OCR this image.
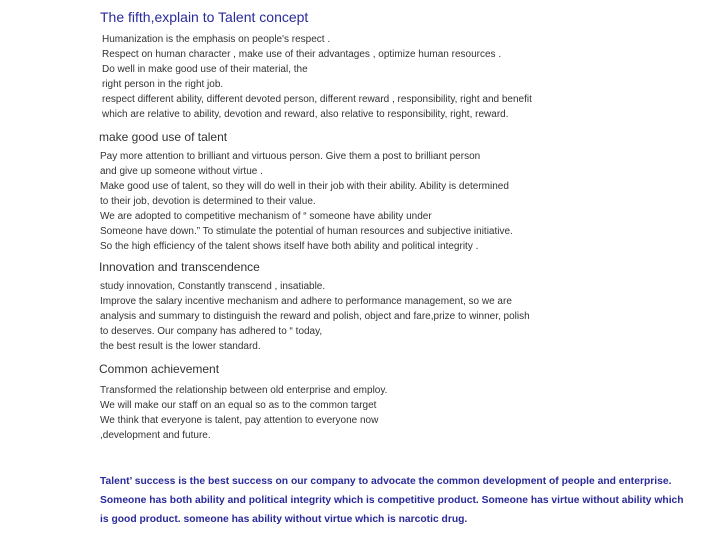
The fifth,explain to Talent concept
Humanization is the emphasis on people's respect .
Respect on human character , make use of their advantages , optimize human resources .
Do well in make good use of their material, the
right person in the right job.
respect different ability, different devoted person, different reward , responsibility, right and benefit
which are relative to ability, devotion and reward, also relative to responsibility, right, reward.
make good use of talent
Pay more attention to brilliant and virtuous person. Give them a post to brilliant person
and give up someone without virtue .
Make good use of talent, so they will do well in their job with their ability. Ability is determined
to their job, devotion is determined to their value.
We are adopted to competitive mechanism of “ someone have ability under
Someone have down.” To stimulate the potential of human resources and subjective initiative.
So the high efficiency of the talent shows itself have both ability and political integrity .
Innovation and transcendence
study innovation, Constantly transcend , insatiable.
Improve the salary incentive mechanism and adhere to performance management, so we are
analysis and summary to distinguish the reward and polish, object and fare,prize to winner, polish
to deserves. Our company has adhered to “ today,
the best result is the lower standard.
Common achievement
Transformed the relationship between old enterprise and employ.
We will make our staff on an equal so as to the common target
We think that everyone is talent, pay attention to everyone now
,development and future.
Talent’ success is the best success on our company to advocate the common development of people and enterprise.
Someone has both ability and political integrity which is competitive product. Someone has virtue without ability which
is good product. someone has ability without virtue which is narcotic drug.
